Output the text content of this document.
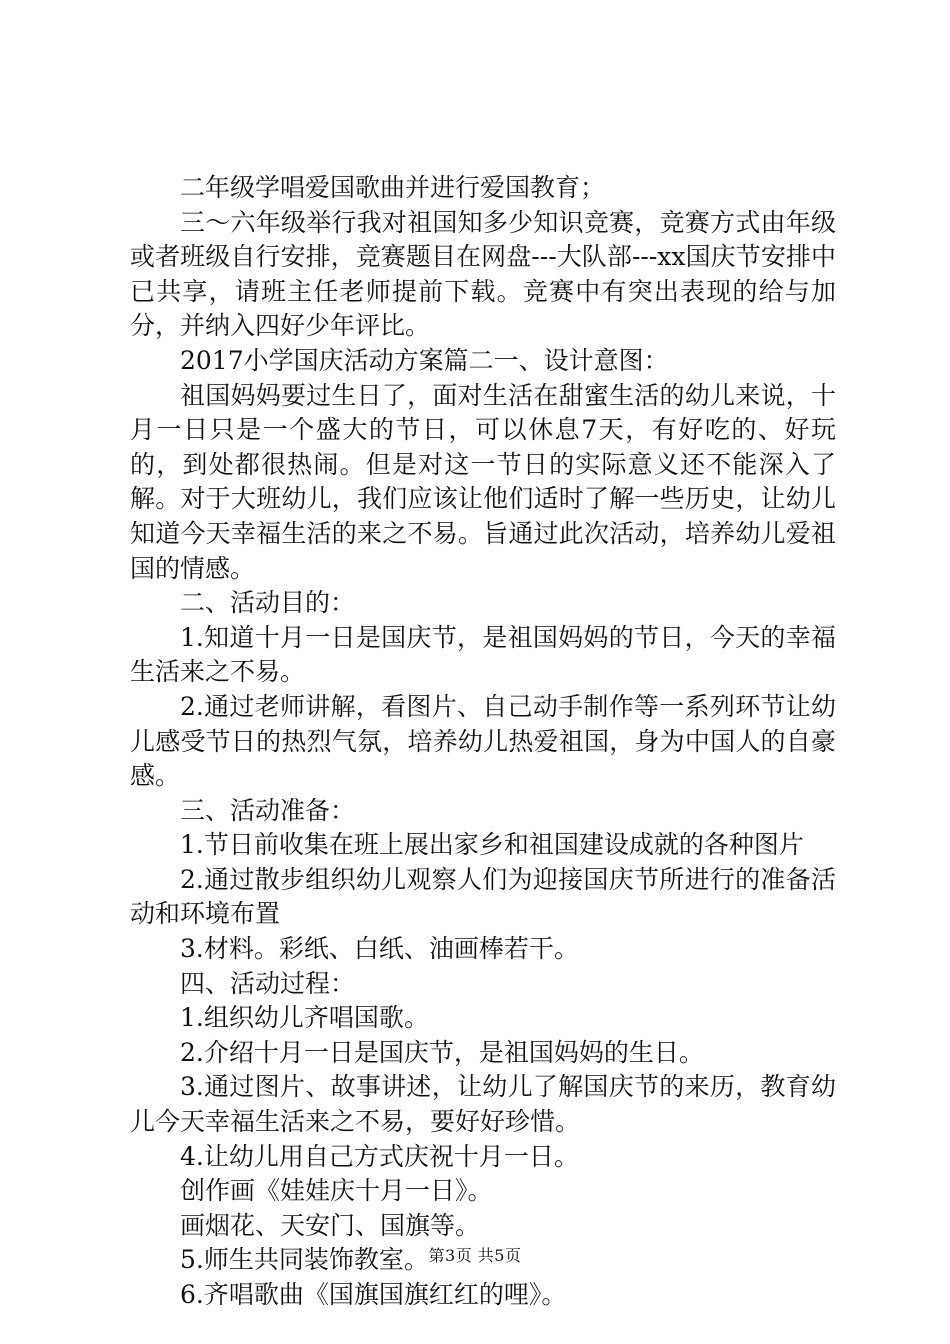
二年级学唱爱国歌曲并进行爱国教育；

三～六年级举行我对祖国知多少知识竞赛，竞赛方式由年级或者班级自行安排，竞赛题目在网盘---大队部---xx国庆节安排中已共享，请班主任老师提前下载。竞赛中有突出表现的给与加分，并纳入四好少年评比。

2017小学国庆活动方案篇二一、设计意图：

祖国妈妈要过生日了，面对生活在甜蜜生活的幼儿来说，十月一日只是一个盛大的节日，可以休息7天，有好吃的、好玩的，到处都很热闹。但是对这一节日的实际意义还不能深入了解。对于大班幼儿，我们应该让他们适时了解一些历史，让幼儿知道今天幸福生活的来之不易。旨通过此次活动，培养幼儿爱祖国的情感。

二、活动目的：

1.知道十月一日是国庆节，是祖国妈妈的节日，今天的幸福生活来之不易。

2.通过老师讲解，看图片、自己动手制作等一系列环节让幼儿感受节日的热烈气氛，培养幼儿热爱祖国，身为中国人的自豪感。

三、活动准备：

1.节日前收集在班上展出家乡和祖国建设成就的各种图片

2.通过散步组织幼儿观察人们为迎接国庆节所进行的准备活动和环境布置

3.材料。彩纸、白纸、油画棒若干。

四、活动过程：

1.组织幼儿齐唱国歌。

2.介绍十月一日是国庆节，是祖国妈妈的生日。

3.通过图片、故事讲述，让幼儿了解国庆节的来历，教育幼儿今天幸福生活来之不易，要好好珍惜。

4.让幼儿用自己方式庆祝十月一日。

创作画《娃娃庆十月一日》。

画烟花、天安门、国旗等。

5.师生共同装饰教室。

6.齐唱歌曲《国旗国旗红红的哩》。

第3页 共5页
